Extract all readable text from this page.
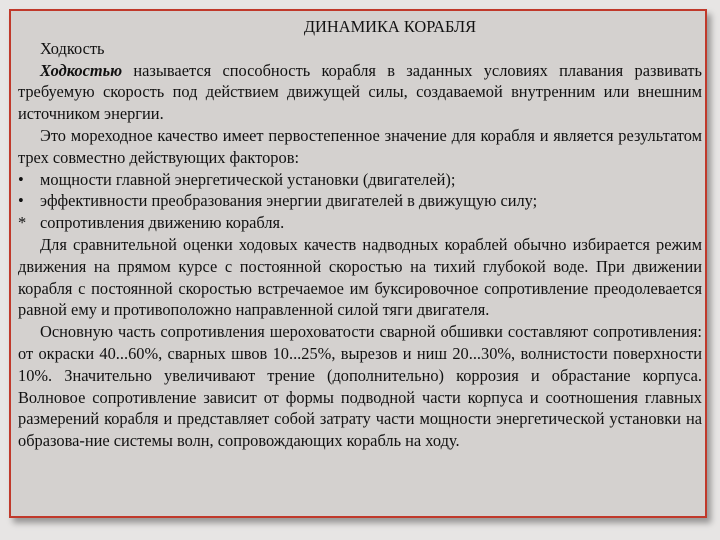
ДИНАМИКА КОРАБЛЯ
Ходкость

Ходкостью называется способность корабля в заданных условиях плавания развивать требуемую скорость под действием движущей силы, создаваемой внутренним или внешним источником энергии.

Это мореходное качество имеет первостепенное значение для корабля и является результатом трех совместно действующих факторов:

• мощности главной энергетической установки (двигателей);
• эффективности преобразования энергии двигателей в движущую силу;
* сопротивления движению корабля.

Для сравнительной оценки ходовых качеств надводных кораблей обычно избирается режим движения на прямом курсе с постоянной скоростью на тихий глубокой воде. При движении корабля с постоянной скоростью встречаемое им буксировочное сопротивление преодолевается равной ему и противоположно направленной силой тяги двигателя.

Основную часть сопротивления шероховатости сварной обшивки составляют сопротивления: от окраски 40...60%, сварных швов 10...25%, вырезов и ниш 20...30%, волнистости поверхности 10%. Значительно увеличивают трение (дополнительно) коррозия и обрастание корпуса. Волновое сопротивление зависит от формы подводной части корпуса и соотношения главных размерений корабля и представляет собой затрату части мощности энергетической установки на образова-ние системы волн, сопровождающих корабль на ходу.
